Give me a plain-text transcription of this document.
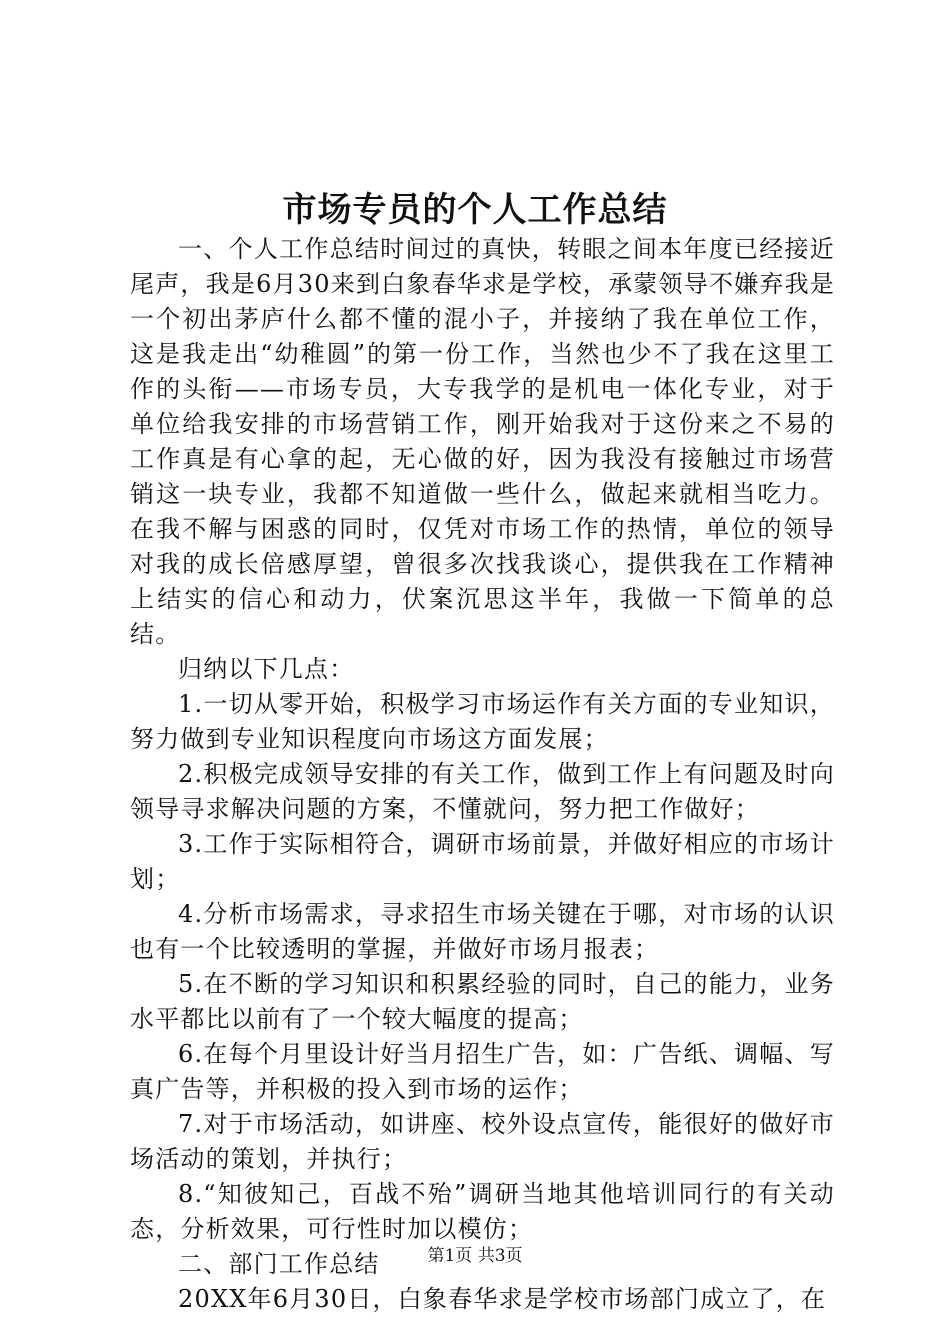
市场专员的个人工作总结

一、个人工作总结时间过的真快，转眼之间本年度已经接近尾声，我是6月30来到白象春华求是学校，承蒙领导不嫌弃我是一个初出茅庐什么都不懂的混小子，并接纳了我在单位工作，这是我走出“幼稚圆”的第一份工作，当然也少不了我在这里工作的头衔——市场专员，大专我学的是机电一体化专业，对于单位给我安排的市场营销工作，刚开始我对于这份来之不易的工作真是有心拿的起，无心做的好，因为我没有接触过市场营销这一块专业，我都不知道做一些什么，做起来就相当吃力。在我不解与困惑的同时，仅凭对市场工作的热情，单位的领导对我的成长倍感厚望，曾很多次找我谈心，提供我在工作精神上结实的信心和动力，伏案沉思这半年，我做一下简单的总结。

归纳以下几点：

1.一切从零开始，积极学习市场运作有关方面的专业知识，努力做到专业知识程度向市场这方面发展；

2.积极完成领导安排的有关工作，做到工作上有问题及时向领导寻求解决问题的方案，不懂就问，努力把工作做好；

3.工作于实际相符合，调研市场前景，并做好相应的市场计划；

4.分析市场需求，寻求招生市场关键在于哪，对市场的认识也有一个比较透明的掌握，并做好市场月报表；

5.在不断的学习知识和积累经验的同时，自己的能力，业务水平都比以前有了一个较大幅度的提高；

6.在每个月里设计好当月招生广告，如：广告纸、调幅、写真广告等，并积极的投入到市场的运作；

7.对于市场活动，如讲座、校外设点宣传，能很好的做好市场活动的策划，并执行；

8.“知彼知己，百战不殆”调研当地其他培训同行的有关动态，分析效果，可行性时加以模仿；

二、部门工作总结

20XX年6月30日，白象春华求是学校市场部门成立了，在

第1页 共3页
